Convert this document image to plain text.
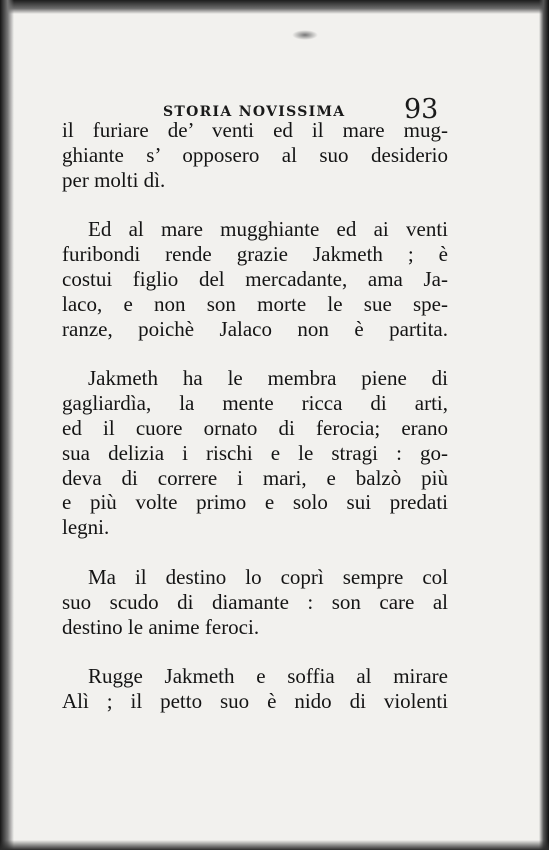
STORIA NOVISSIMA 93

il furiare de’ venti ed il mare mug-
ghiante s’ opposero al suo desiderio
per molti dì.

Ed al mare mugghiante ed ai venti
furibondi rende grazie Jakmeth ; è
costui figlio del mercadante, ama Ja-
laco, e non son morte le sue spe-
ranze, poichè Jalaco non è partita.

Jakmeth ha le membra piene di
gagliardìa, la mente ricca di arti,
ed il cuore ornato di ferocia; erano
sua delizia i rischi e le stragi : go-
deva di correre i mari, e balzò più
e più volte primo e solo sui predati
legni.

Ma il destino lo coprì sempre col
suo scudo di diamante : son care al
destino le anime feroci.

Rugge Jakmeth e soffia al mirare
Alì ; il petto suo è nido di violenti
